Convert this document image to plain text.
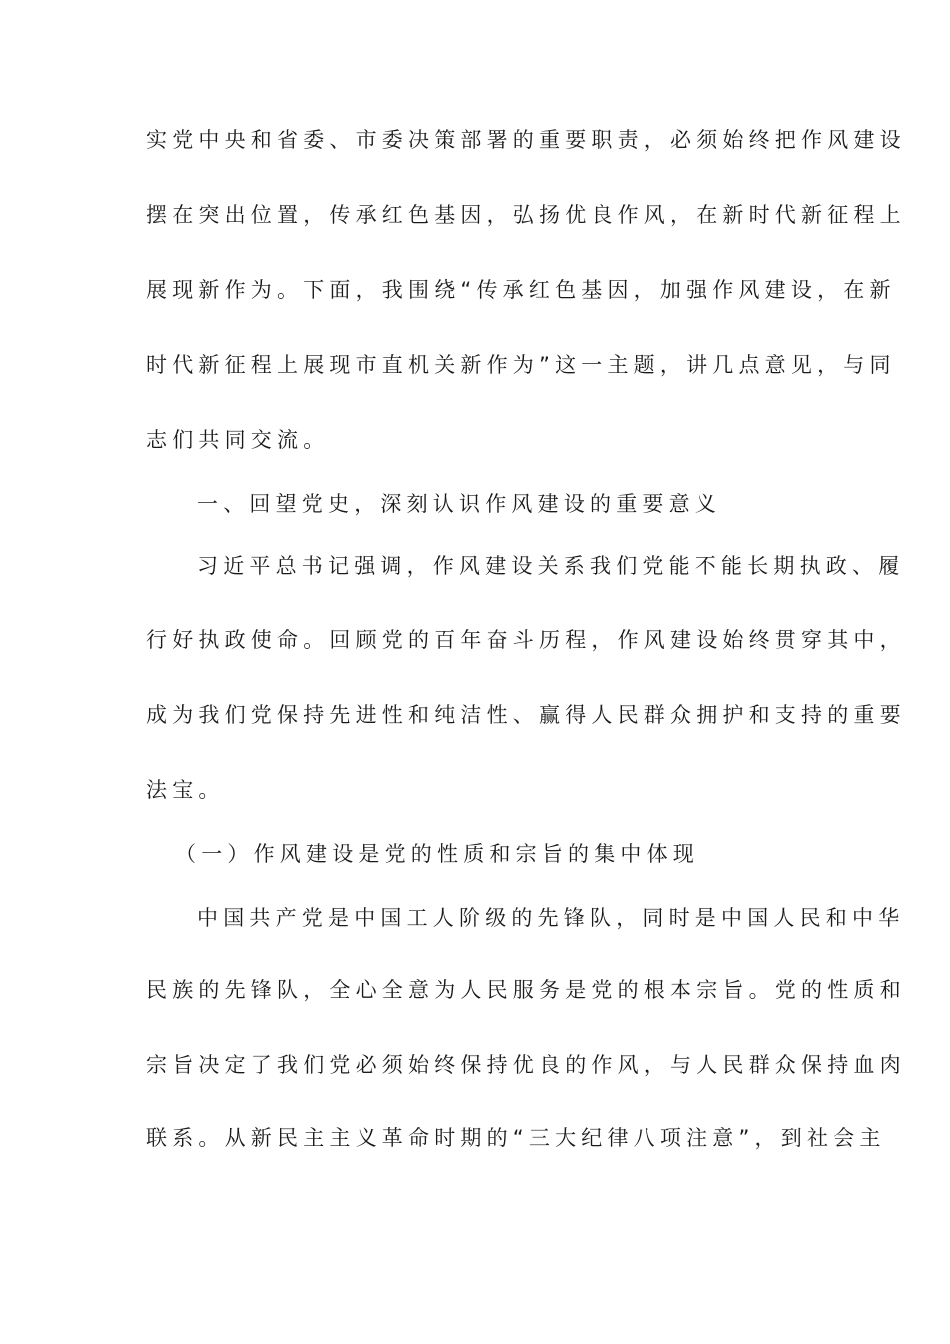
实党中央和省委、市委决策部署的重要职责，必须始终把作风建设
摆在突出位置，传承红色基因，弘扬优良作风，在新时代新征程上
展现新作为。下面，我围绕“传承红色基因，加强作风建设，在新
时代新征程上展现市直机关新作为”这一主题，讲几点意见，与同
志们共同交流。
一、回望党史，深刻认识作风建设的重要意义
习近平总书记强调，作风建设关系我们党能不能长期执政、履
行好执政使命。回顾党的百年奋斗历程，作风建设始终贯穿其中，
成为我们党保持先进性和纯洁性、赢得人民群众拥护和支持的重要
法宝。
（一）作风建设是党的性质和宗旨的集中体现
中国共产党是中国工人阶级的先锋队，同时是中国人民和中华
民族的先锋队，全心全意为人民服务是党的根本宗旨。党的性质和
宗旨决定了我们党必须始终保持优良的作风，与人民群众保持血肉
联系。从新民主主义革命时期的“三大纪律八项注意”，到社会主
